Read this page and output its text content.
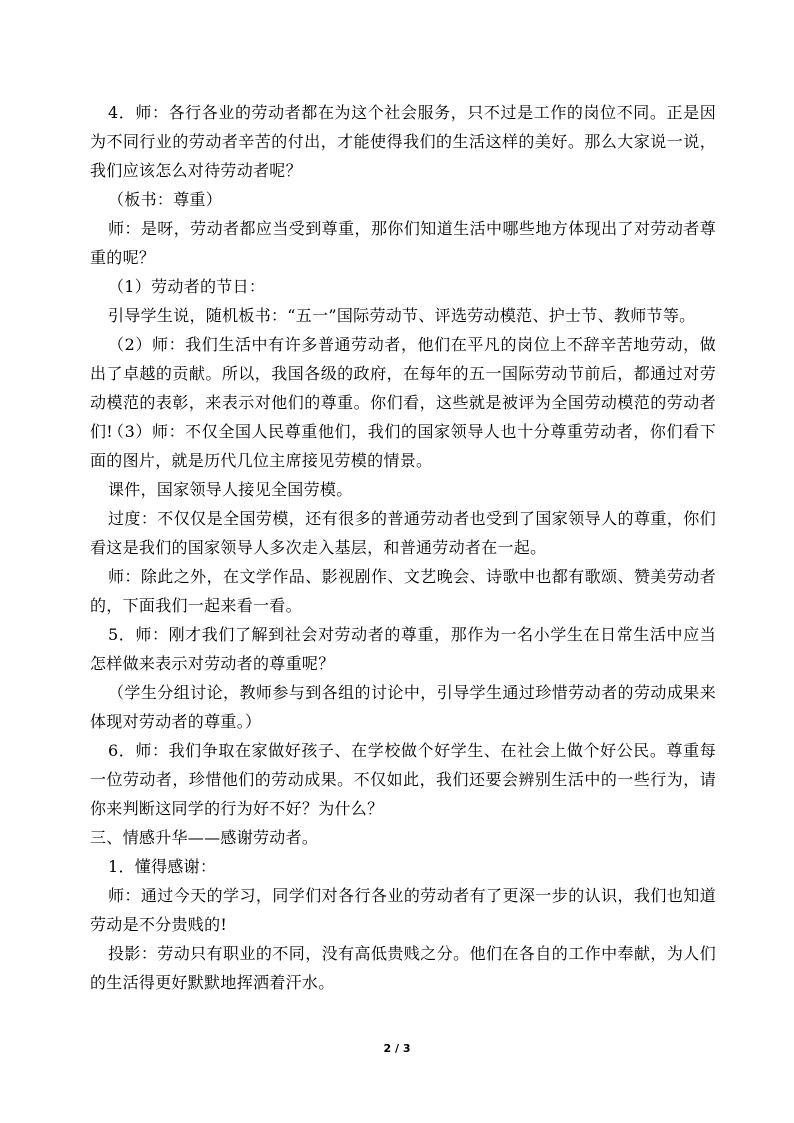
4．师：各行各业的劳动者都在为这个社会服务，只不过是工作的岗位不同。正是因为不同行业的劳动者辛苦的付出，才能使得我们的生活这样的美好。那么大家说一说，我们应该怎么对待劳动者呢？

（板书：尊重）

师：是呀，劳动者都应当受到尊重，那你们知道生活中哪些地方体现出了对劳动者尊重的呢？

（1）劳动者的节日：

引导学生说，随机板书：“五一”国际劳动节、评选劳动模范、护士节、教师节等。

（2）师：我们生活中有许多普通劳动者，他们在平凡的岗位上不辞辛苦地劳动，做出了卓越的贡献。所以，我国各级的政府，在每年的五一国际劳动节前后，都通过对劳动模范的表彰，来表示对他们的尊重。你们看，这些就是被评为全国劳动模范的劳动者们!

（3）师：不仅全国人民尊重他们，我们的国家领导人也十分尊重劳动者，你们看下面的图片，就是历代几位主席接见劳模的情景。

课件，国家领导人接见全国劳模。

过度：不仅仅是全国劳模，还有很多的普通劳动者也受到了国家领导人的尊重，你们看这是我们的国家领导人多次走入基层，和普通劳动者在一起。

师：除此之外，在文学作品、影视剧作、文艺晚会、诗歌中也都有歌颂、赞美劳动者的，下面我们一起来看一看。

5．师：刚才我们了解到社会对劳动者的尊重，那作为一名小学生在日常生活中应当怎样做来表示对劳动者的尊重呢？

（学生分组讨论，教师参与到各组的讨论中，引导学生通过珍惜劳动者的劳动成果来体现对劳动者的尊重。）

6．师：我们争取在家做好孩子、在学校做个好学生、在社会上做个好公民。尊重每一位劳动者，珍惜他们的劳动成果。不仅如此，我们还要会辨别生活中的一些行为，请你来判断这同学的行为好不好？为什么？

三、情感升华——感谢劳动者。

1．懂得感谢：

师：通过今天的学习，同学们对各行各业的劳动者有了更深一步的认识，我们也知道劳动是不分贵贱的!

投影：劳动只有职业的不同，没有高低贵贱之分。他们在各自的工作中奉献，为人们的生活得更好默默地挥洒着汗水。

2 / 3
